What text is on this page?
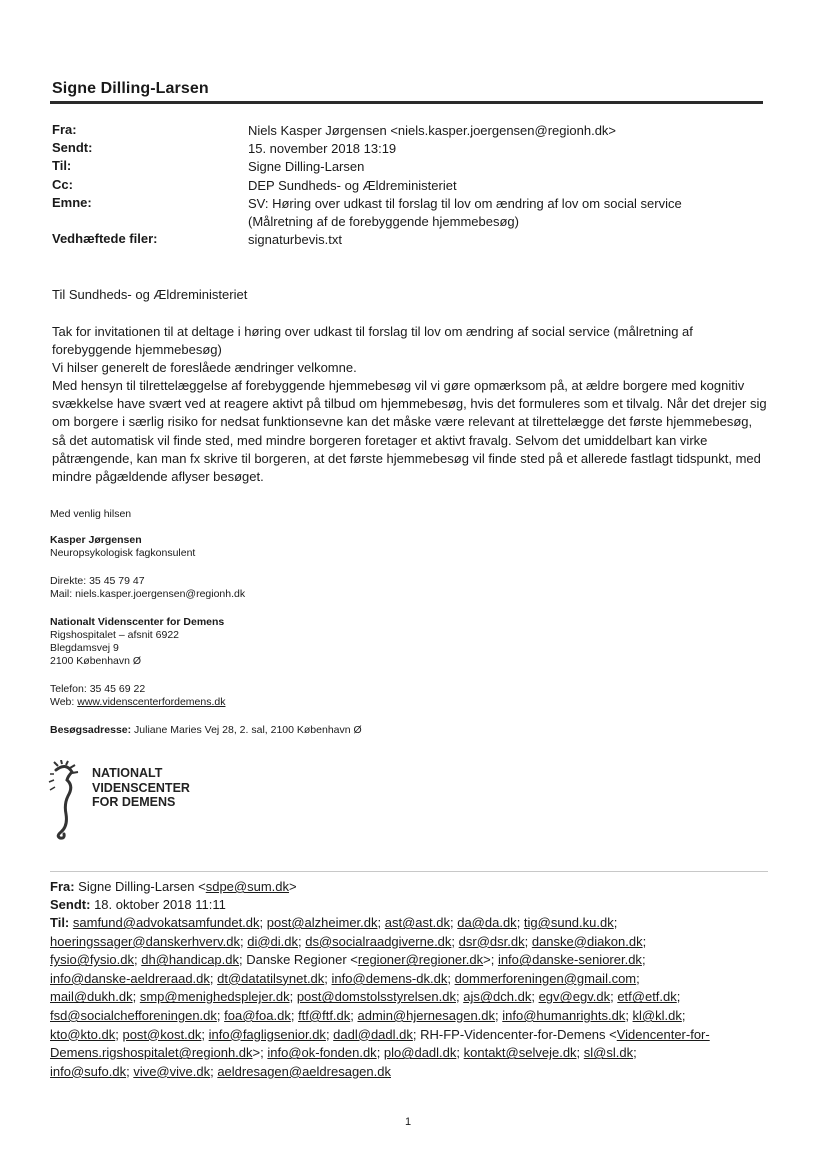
Signe Dilling-Larsen
Fra:	Niels Kasper Jørgensen <niels.kasper.joergensen@regionh.dk>
Sendt:	15. november 2018 13:19
Til:	Signe Dilling-Larsen
Cc:	DEP Sundheds- og Ældreministeriet
Emne:	SV: Høring over udkast til forslag til lov om ændring af lov om social service
(Målretning af de forebyggende hjemmebesøg)
Vedhæftede filer:	signaturbevis.txt
Til Sundheds- og Ældreministeriet
Tak for invitationen til at deltage i høring over udkast til forslag til lov om ændring af social service (målretning af forebyggende hjemmebesøg)
Vi hilser generelt de foreslåede ændringer velkomne.
Med hensyn til tilrettelæggelse af forebyggende hjemmebesøg vil vi gøre opmærksom på, at ældre borgere med kognitiv svækkelse have svært ved at reagere aktivt på tilbud om hjemmebesøg, hvis det formuleres som et tilvalg. Når det drejer sig om borgere i særlig risiko for nedsat funktionsevne kan det måske være relevant at tilrettelægge det første hjemmebesøg, så det automatisk vil finde sted, med mindre borgeren foretager et aktivt fravalg. Selvom det umiddelbart kan virke påtrængende, kan man fx skrive til borgeren, at det første hjemmebesøg vil finde sted på et allerede fastlagt tidspunkt, med mindre pågældende aflyser besøget.
Med venlig hilsen
Kasper Jørgensen
Neuropsykologisk fagkonsulent
Direkte: 35 45 79 47
Mail: niels.kasper.joergensen@regionh.dk
Nationalt Videnscenter for Demens
Rigshospitalet – afsnit 6922
Blegdamsvej 9
2100 København Ø
Telefon: 35 45 69 22
Web: www.videnscenterfordemens.dk
Besøgsadresse: Juliane Maries Vej 28, 2. sal, 2100 København Ø
NATIONALT
VIDENSCENTER
FOR DEMENS
Fra: Signe Dilling-Larsen <sdpe@sum.dk>
Sendt: 18. oktober 2018 11:11
Til: samfund@advokatsamfundet.dk; post@alzheimer.dk; ast@ast.dk; da@da.dk; tig@sund.ku.dk;
hoeringssager@danskerhverv.dk; di@di.dk; ds@socialraadgiverne.dk; dsr@dsr.dk; danske@diakon.dk;
fysio@fysio.dk; dh@handicap.dk; Danske Regioner <regioner@regioner.dk>; info@danske-seniorer.dk;
info@danske-aeldreraad.dk; dt@datatilsynet.dk; info@demens-dk.dk; dommerforeningen@gmail.com;
mail@dukh.dk; smp@menighedsplejer.dk; post@domstolsstyrelsen.dk; ajs@dch.dk; egv@egv.dk; etf@etf.dk;
fsd@socialchefforeningen.dk; foa@foa.dk; ftf@ftf.dk; admin@hjernesagen.dk; info@humanrights.dk; kl@kl.dk;
kto@kto.dk; post@kost.dk; info@fagligsenior.dk; dadl@dadl.dk; RH-FP-Videncenter-for-Demens <Videncenter-for-
Demens.rigshospitalet@regionh.dk>; info@ok-fonden.dk; plo@dadl.dk; kontakt@selveje.dk; sl@sl.dk;
info@sufo.dk; vive@vive.dk; aeldresagen@aeldresagen.dk
1
